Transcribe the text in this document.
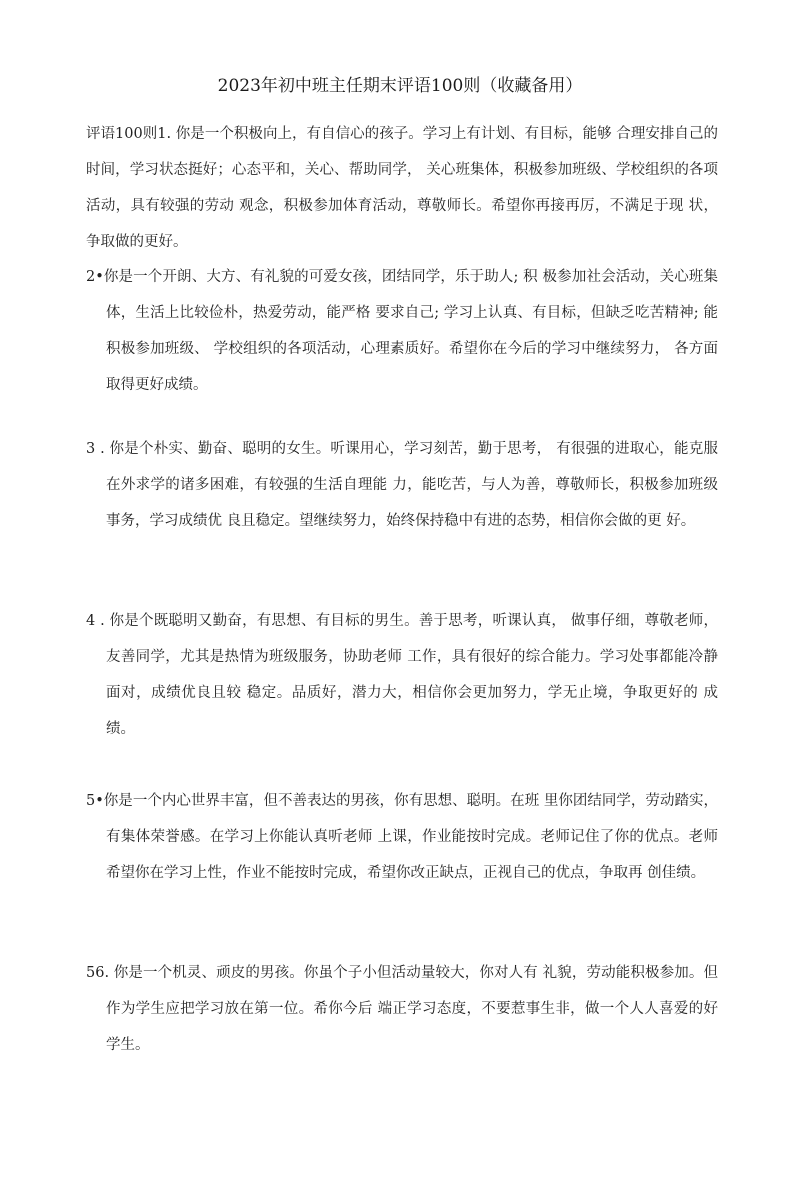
2023年初中班主任期末评语100则（收藏备用）

评语100则1. 你是一个积极向上，有自信心的孩子。学习上有计划、有目标，能够 合理安排自己的时间，学习状态挺好；心态平和，关心、帮助同学， 关心班集体，积极参加班级、学校组织的各项活动，具有较强的劳动 观念，积极参加体育活动，尊敬师长。希望你再接再厉，不满足于现 状，争取做的更好。

2•你是一个开朗、大方、有礼貌的可爱女孩，团结同学，乐于助人; 积 极参加社会活动，关心班集体，生活上比较俭朴，热爱劳动，能严格 要求自己; 学习上认真、有目标，但缺乏吃苦精神; 能积极参加班级、 学校组织的各项活动，心理素质好。希望你在今后的学习中继续努力， 各方面取得更好成绩。

3 . 你是个朴实、勤奋、聪明的女生。听课用心，学习刻苦，勤于思考， 有很强的进取心，能克服在外求学的诸多困难，有较强的生活自理能 力，能吃苦，与人为善，尊敬师长，积极参加班级事务，学习成绩优 良且稳定。望继续努力，始终保持稳中有进的态势，相信你会做的更 好。

4 . 你是个既聪明又勤奋，有思想、有目标的男生。善于思考，听课认真， 做事仔细，尊敬老师，友善同学，尤其是热情为班级服务，协助老师 工作，具有很好的综合能力。学习处事都能冷静面对，成绩优良且较 稳定。品质好，潜力大，相信你会更加努力，学无止境，争取更好的 成绩。

5•你是一个内心世界丰富，但不善表达的男孩，你有思想、聪明。在班 里你团结同学，劳动踏实，有集体荣誉感。在学习上你能认真听老师 上课，作业能按时完成。老师记住了你的优点。老师希望你在学习上性，作业不能按时完成，希望你改正缺点，正视自己的优点，争取再 创佳绩。

56. 你是一个机灵、顽皮的男孩。你虽个子小但活动量较大，你对人有 礼貌，劳动能积极参加。但作为学生应把学习放在第一位。希你今后 端正学习态度，不要惹事生非，做一个人人喜爱的好学生。
